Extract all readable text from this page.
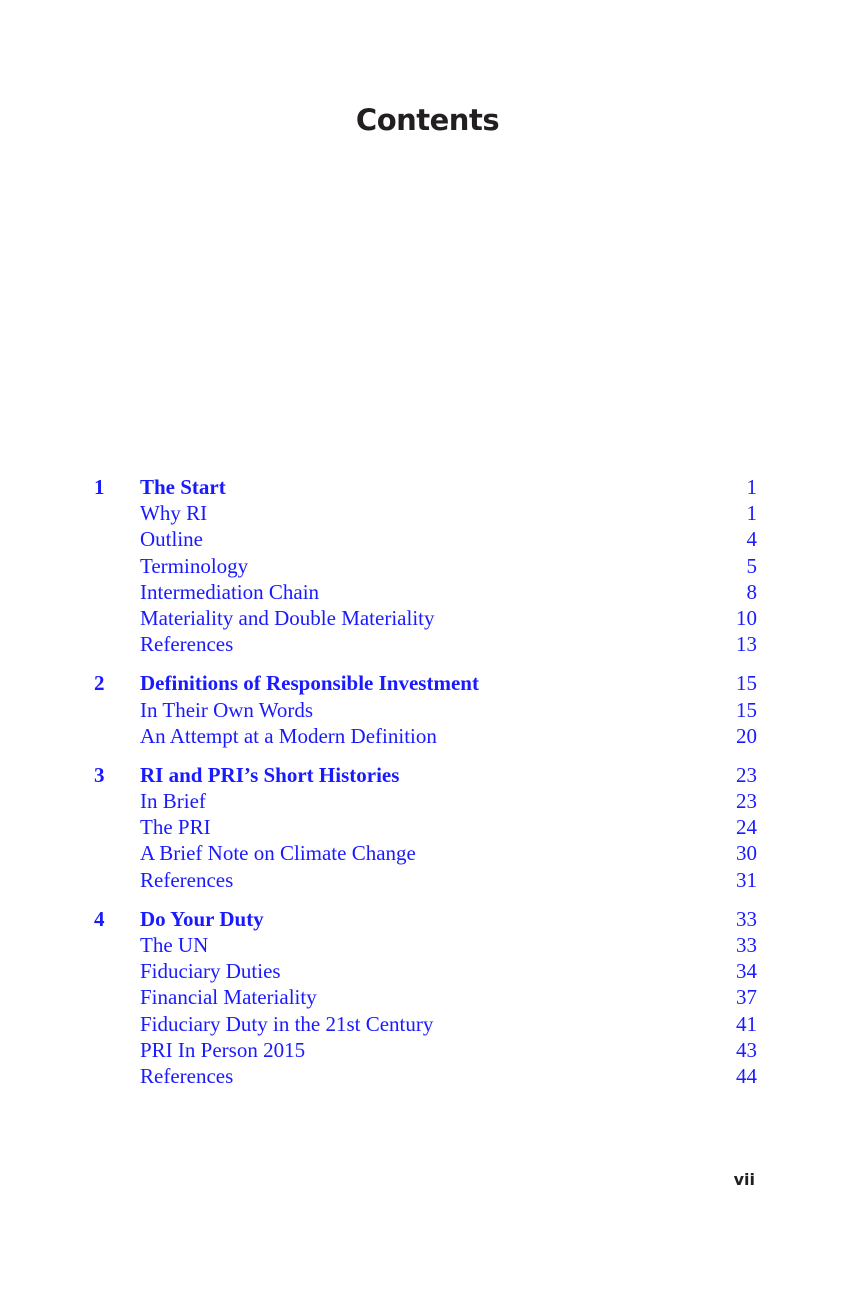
Contents
1	The Start	1
Why RI	1
Outline	4
Terminology	5
Intermediation Chain	8
Materiality and Double Materiality	10
References	13
2	Definitions of Responsible Investment	15
In Their Own Words	15
An Attempt at a Modern Definition	20
3	RI and PRI’s Short Histories	23
In Brief	23
The PRI	24
A Brief Note on Climate Change	30
References	31
4	Do Your Duty	33
The UN	33
Fiduciary Duties	34
Financial Materiality	37
Fiduciary Duty in the 21st Century	41
PRI In Person 2015	43
References	44
vii
